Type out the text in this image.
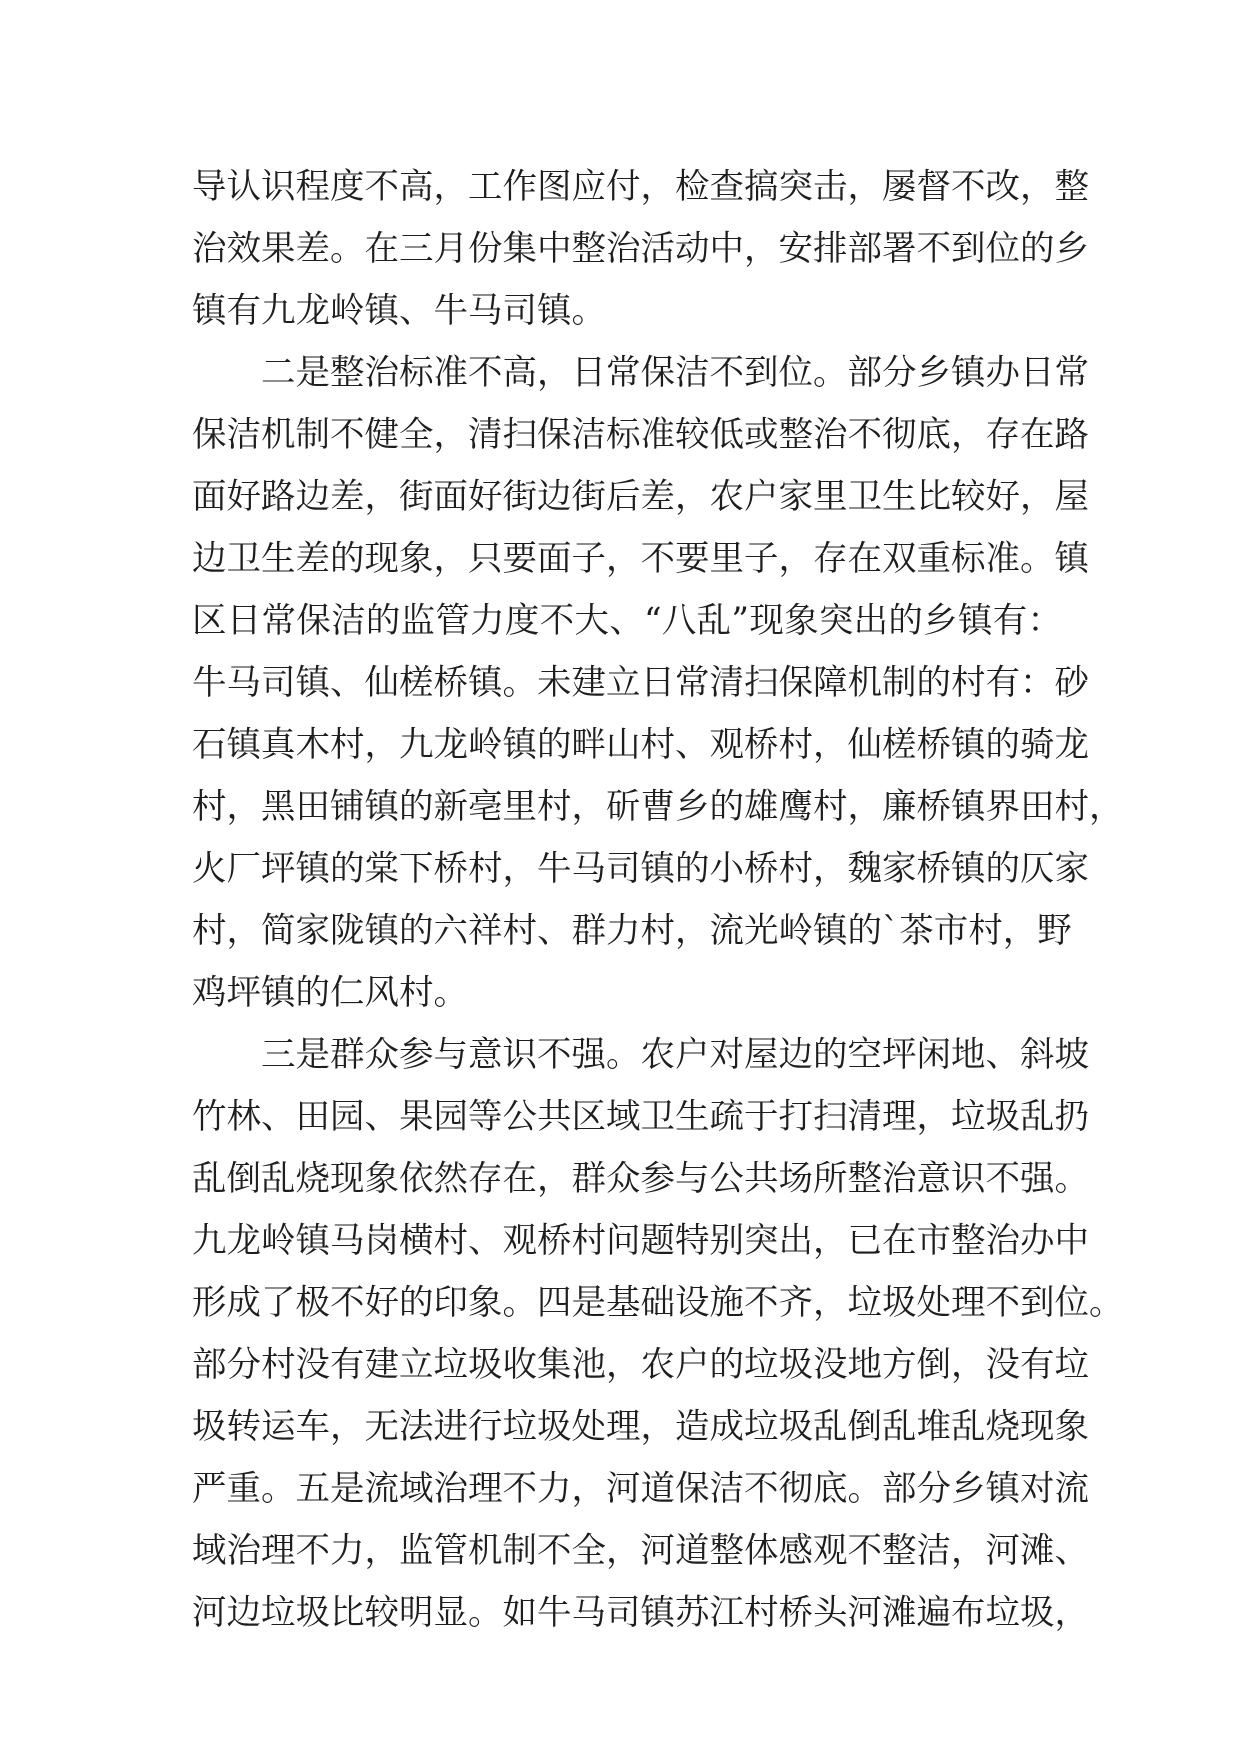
导认识程度不高，工作图应付，检查搞突击，屡督不改，整
治效果差。在三月份集中整治活动中，安排部署不到位的乡
镇有九龙岭镇、牛马司镇。
二是整治标准不高，日常保洁不到位。部分乡镇办日常
保洁机制不健全，清扫保洁标准较低或整治不彻底，存在路
面好路边差，街面好街边街后差，农户家里卫生比较好，屋
边卫生差的现象，只要面子，不要里子，存在双重标准。镇
区日常保洁的监管力度不大、“八乱”现象突出的乡镇有：
牛马司镇、仙槎桥镇。未建立日常清扫保障机制的村有：砂
石镇真木村，九龙岭镇的畔山村、观桥村，仙槎桥镇的骑龙
村，黑田铺镇的新亳里村，斫曹乡的雄鹰村，廉桥镇界田村，
火厂坪镇的棠下桥村，牛马司镇的小桥村，魏家桥镇的仄家
村，简家陇镇的六祥村、群力村，流光岭镇的`茶市村，野
鸡坪镇的仁风村。
三是群众参与意识不强。农户对屋边的空坪闲地、斜坡
竹林、田园、果园等公共区域卫生疏于打扫清理，垃圾乱扔
乱倒乱烧现象依然存在，群众参与公共场所整治意识不强。
九龙岭镇马岗横村、观桥村问题特别突出，已在市整治办中
形成了极不好的印象。四是基础设施不齐，垃圾处理不到位。
部分村没有建立垃圾收集池，农户的垃圾没地方倒，没有垃
圾转运车，无法进行垃圾处理，造成垃圾乱倒乱堆乱烧现象
严重。五是流域治理不力，河道保洁不彻底。部分乡镇对流
域治理不力，监管机制不全，河道整体感观不整洁，河滩、
河边垃圾比较明显。如牛马司镇苏江村桥头河滩遍布垃圾，
